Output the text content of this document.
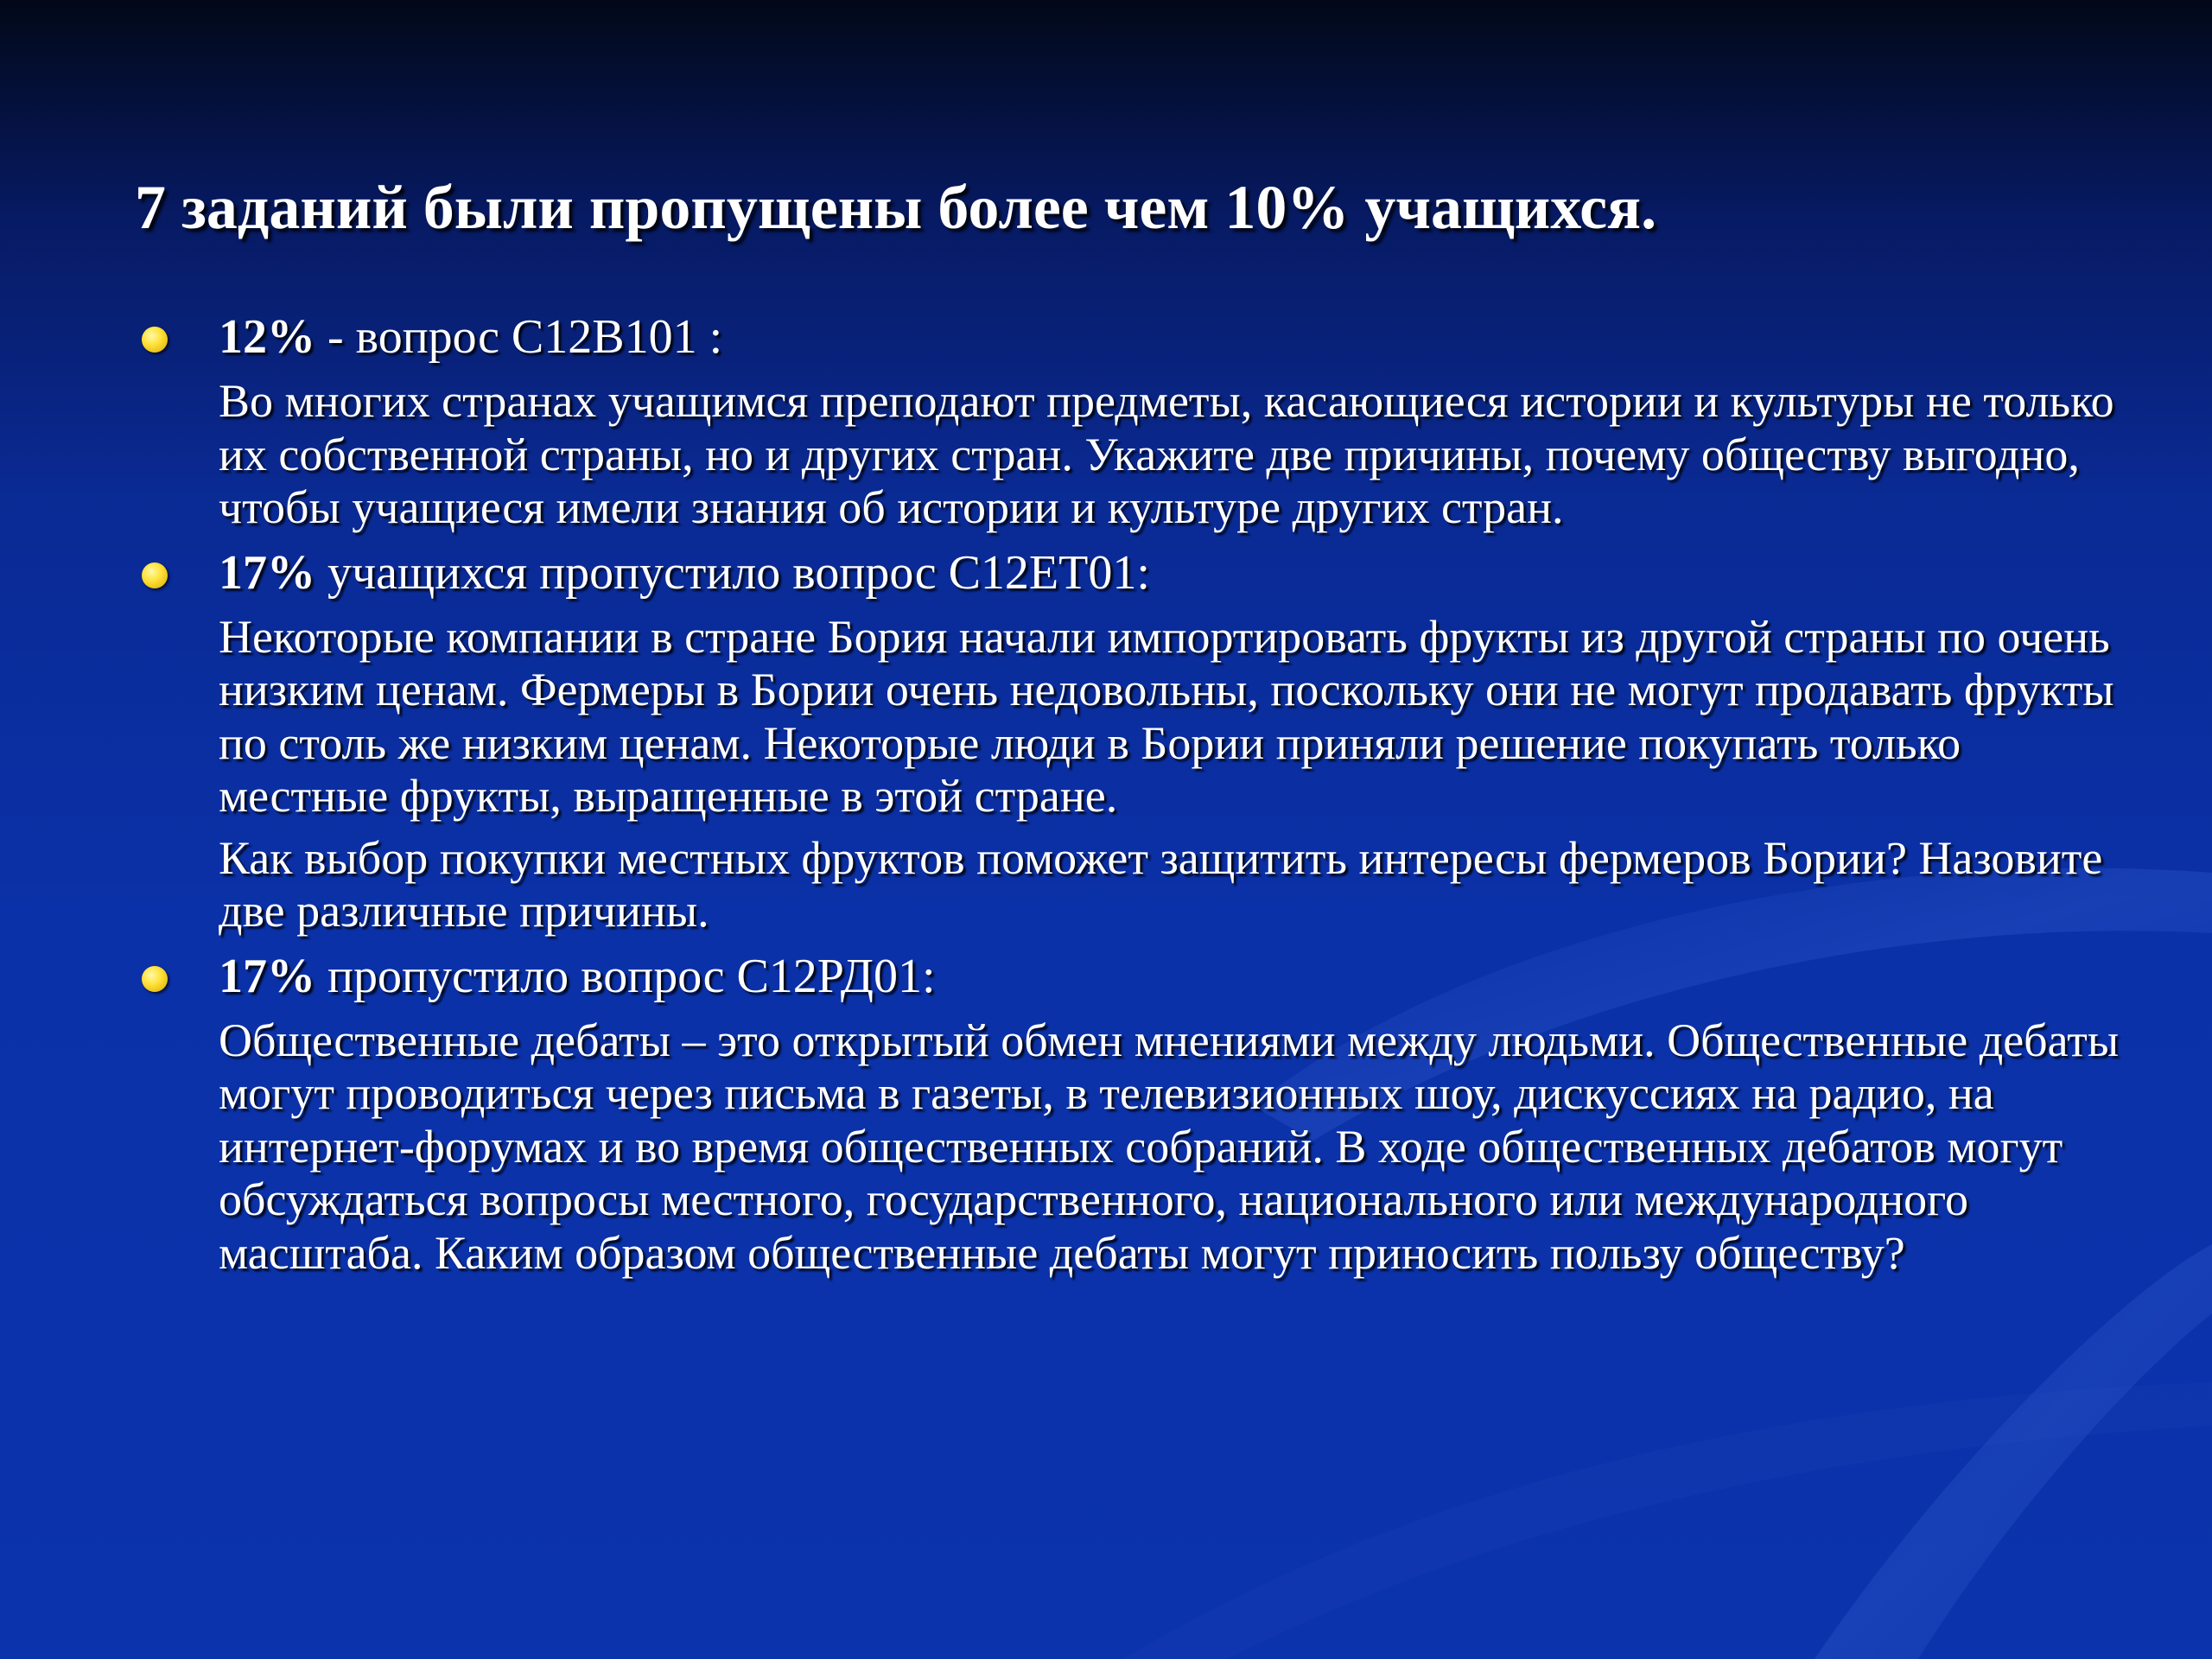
7 заданий были пропущены более чем 10% учащихся.

12% - вопрос С12В101 :

Во многих странах учащимся преподают предметы, касающиеся истории и культуры не только их собственной страны, но и других стран. Укажите две причины, почему обществу выгодно, чтобы учащиеся имели знания об истории и культуре других стран.

17% учащихся пропустило вопрос С12ЕТ01:

Некоторые компании в стране Бория начали импортировать фрукты из другой страны по очень низким ценам. Фермеры в Бории очень недовольны, поскольку они не могут продавать фрукты по столь же низким ценам. Некоторые люди в Бории приняли решение покупать только местные фрукты, выращенные в этой стране.

Как выбор покупки местных фруктов поможет защитить интересы фермеров Бории? Назовите две различные причины.

17% пропустило вопрос С12РД01:

Общественные дебаты – это открытый обмен мнениями между людьми. Общественные дебаты могут проводиться через письма в газеты, в телевизионных шоу, дискуссиях на радио, на интернет-форумах и во время общественных собраний. В ходе общественных дебатов могут обсуждаться вопросы местного, государственного, национального или международного масштаба. Каким образом общественные дебаты могут приносить пользу обществу?
